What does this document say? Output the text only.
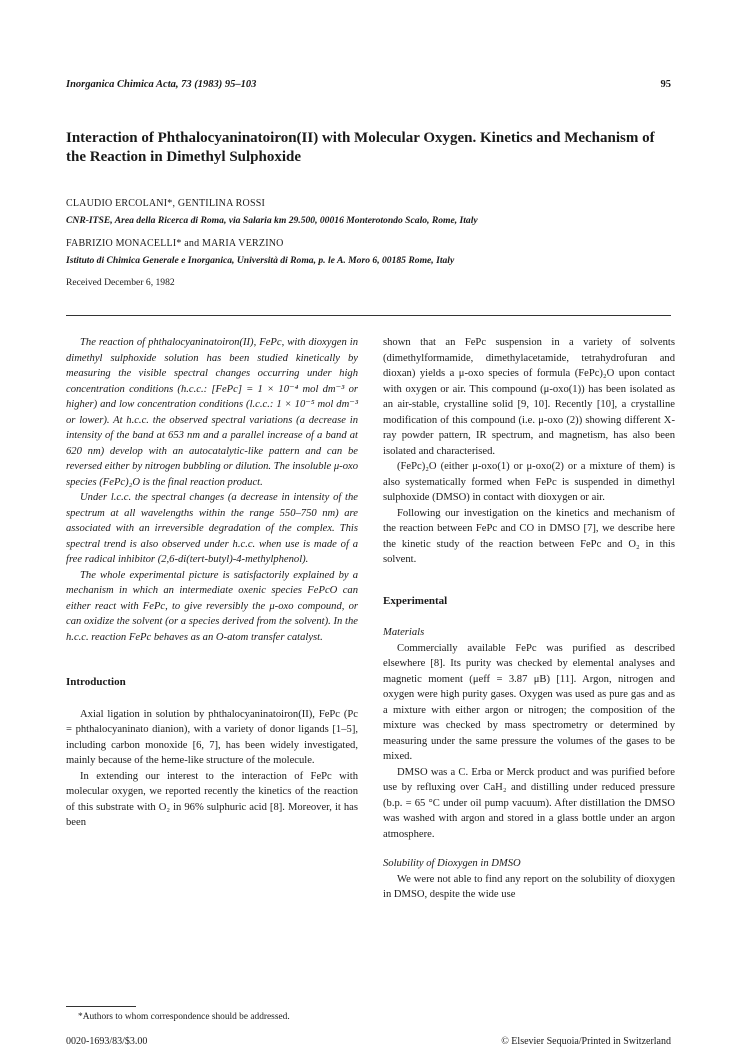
Inorganica Chimica Acta, 73 (1983) 95–103	95
Interaction of Phthalocyaninatoiron(II) with Molecular Oxygen. Kinetics and Mechanism of the Reaction in Dimethyl Sulphoxide
CLAUDIO ERCOLANI*, GENTILINA ROSSI
CNR-ITSE, Area della Ricerca di Roma, via Salaria km 29.500, 00016 Monterotondo Scalo, Rome, Italy
FABRIZIO MONACELLI* and MARIA VERZINO
Istituto di Chimica Generale e Inorganica, Università di Roma, p. le A. Moro 6, 00185 Rome, Italy
Received December 6, 1982

The reaction of phthalocyaninatoiron(II), FePc, with dioxygen in dimethyl sulphoxide solution has been studied kinetically by measuring the visible spectral changes occurring under high concentration conditions (h.c.c.: [FePc] = 1 × 10⁻⁴ mol dm⁻³ or higher) and low concentration conditions (l.c.c.: 1 × 10⁻⁵ mol dm⁻³ or lower). At h.c.c. the observed spectral variations (a decrease in intensity of the band at 653 nm and a parallel increase of a band at 620 nm) develop with an autocatalytic-like pattern and can be reversed either by nitrogen bubbling or dilution. The insoluble μ-oxo species (FePc)₂O is the final reaction product.

Under l.c.c. the spectral changes (a decrease in intensity of the spectrum at all wavelengths within the range 550–750 nm) are associated with an irreversible degradation of the complex. This spectral trend is also observed under h.c.c. when use is made of a free radical inhibitor (2,6-di(tert-butyl)-4-methylphenol).

The whole experimental picture is satisfactorily explained by a mechanism in which an intermediate oxenic species FePcO can either react with FePc, to give reversibly the μ-oxo compound, or can oxidize the solvent (or a species derived from the solvent). In the h.c.c. reaction FePc behaves as an O-atom transfer catalyst.

Introduction

Axial ligation in solution by phthalocyaninatoiron(II), FePc (Pc = phthalocyaninato dianion), with a variety of donor ligands [1–5], including carbon monoxide [6, 7], has been widely investigated, mainly because of the heme-like structure of the molecule.

In extending our interest to the interaction of FePc with molecular oxygen, we reported recently the kinetics of the reaction of this substrate with O₂ in 96% sulphuric acid [8]. Moreover, it has been

shown that an FePc suspension in a variety of solvents (dimethylformamide, dimethylacetamide, tetrahydrofuran and dioxan) yields a μ-oxo species of formula (FePc)₂O upon contact with oxygen or air. This compound (μ-oxo(1)) has been isolated as an air-stable, crystalline solid [9, 10]. Recently [10], a crystalline modification of this compound (i.e. μ-oxo (2)) showing different X-ray powder pattern, IR spectrum, and magnetism, has also been isolated and characterised.

(FePc)₂O (either μ-oxo(1) or μ-oxo(2) or a mixture of them) is also systematically formed when FePc is suspended in dimethyl sulphoxide (DMSO) in contact with dioxygen or air.

Following our investigation on the kinetics and mechanism of the reaction between FePc and CO in DMSO [7], we describe here the kinetic study of the reaction between FePc and O₂ in this solvent.

Experimental
Materials

Commercially available FePc was purified as described elsewhere [8]. Its purity was checked by elemental analyses and magnetic moment (μeff = 3.87 μB) [11]. Argon, nitrogen and oxygen were high purity gases. Oxygen was used as pure gas and as a mixture with either argon or nitrogen; the composition of the mixture was checked by mass spectrometry or determined by measuring under the same pressure the volumes of the gases to be mixed.

DMSO was a C. Erba or Merck product and was purified before use by refluxing over CaH₂ and distilling under reduced pressure (b.p. = 65 °C under oil pump vacuum). After distillation the DMSO was washed with argon and stored in a glass bottle under an argon atmosphere.

Solubility of Dioxygen in DMSO

We were not able to find any report on the solubility of dioxygen in DMSO, despite the wide use

*Authors to whom correspondence should be addressed.
0020-1693/83/$3.00	© Elsevier Sequoia/Printed in Switzerland
